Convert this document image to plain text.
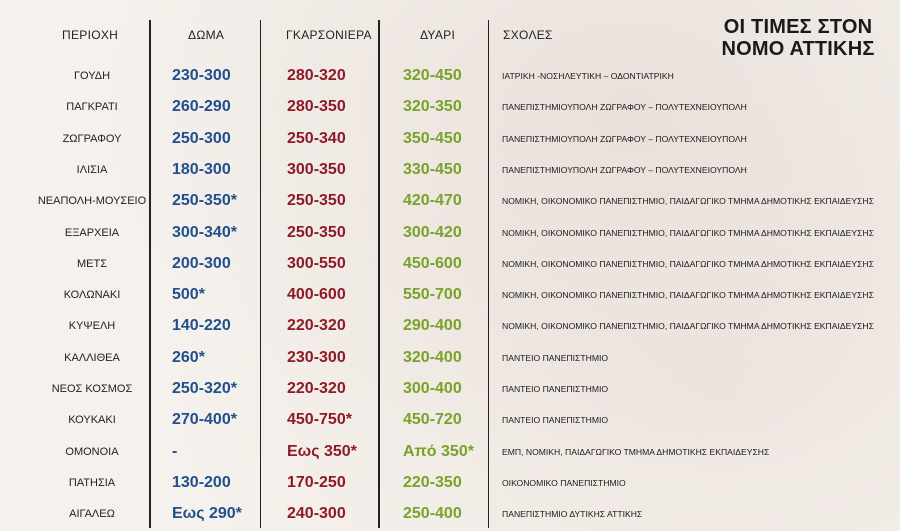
ΟΙ ΤΙΜΕΣ ΣΤΟΝ ΝΟΜΟ ΑΤΤΙΚΗΣ
ΠΕΡΙΟΧΗ	ΔΩΜΑ	ΓΚΑΡΣΟΝΙΕΡΑ	ΔΥΑΡΙ	ΣΧΟΛΕΣ
ΓΟΥΔΗ	230-300	280-320	320-450	ΙΑΤΡΙΚΗ -ΝΟΣΗΛΕΥΤΙΚΗ – ΟΔΟΝΤΙΑΤΡΙΚΗ
ΠΑΓΚΡΑΤΙ	260-290	280-350	320-350	ΠΑΝΕΠΙΣΤΗΜΙΟΥΠΟΛΗ ΖΩΓΡΑΦΟΥ – ΠΟΛΥΤΕΧΝΕΙΟΥΠΟΛΗ
ΖΩΓΡΑΦΟΥ	250-300	250-340	350-450	ΠΑΝΕΠΙΣΤΗΜΙΟΥΠΟΛΗ ΖΩΓΡΑΦΟΥ – ΠΟΛΥΤΕΧΝΕΙΟΥΠΟΛΗ
ΙΛΙΣΙΑ	180-300	300-350	330-450	ΠΑΝΕΠΙΣΤΗΜΙΟΥΠΟΛΗ ΖΩΓΡΑΦΟΥ – ΠΟΛΥΤΕΧΝΕΙΟΥΠΟΛΗ
ΝΕΑΠΟΛΗ-ΜΟΥΣΕΙΟ	250-350*	250-350	420-470	ΝΟΜΙΚΗ, ΟΙΚΟΝΟΜΙΚΟ ΠΑΝΕΠΙΣΤΗΜΙΟ, ΠΑΙΔΑΓΩΓΙΚΟ ΤΜΗΜΑ ΔΗΜΟΤΙΚΗΣ ΕΚΠΑΙΔΕΥΣΗΣ
ΕΞΑΡΧΕΙΑ	300-340*	250-350	300-420	ΝΟΜΙΚΗ, ΟΙΚΟΝΟΜΙΚΟ ΠΑΝΕΠΙΣΤΗΜΙΟ, ΠΑΙΔΑΓΩΓΙΚΟ ΤΜΗΜΑ ΔΗΜΟΤΙΚΗΣ ΕΚΠΑΙΔΕΥΣΗΣ
ΜΕΤΣ	200-300	300-550	450-600	ΝΟΜΙΚΗ, ΟΙΚΟΝΟΜΙΚΟ ΠΑΝΕΠΙΣΤΗΜΙΟ, ΠΑΙΔΑΓΩΓΙΚΟ ΤΜΗΜΑ ΔΗΜΟΤΙΚΗΣ ΕΚΠΑΙΔΕΥΣΗΣ
ΚΟΛΩΝΑΚΙ	500*	400-600	550-700	ΝΟΜΙΚΗ, ΟΙΚΟΝΟΜΙΚΟ ΠΑΝΕΠΙΣΤΗΜΙΟ, ΠΑΙΔΑΓΩΓΙΚΟ ΤΜΗΜΑ ΔΗΜΟΤΙΚΗΣ ΕΚΠΑΙΔΕΥΣΗΣ
ΚΥΨΕΛΗ	140-220	220-320	290-400	ΝΟΜΙΚΗ, ΟΙΚΟΝΟΜΙΚΟ ΠΑΝΕΠΙΣΤΗΜΙΟ, ΠΑΙΔΑΓΩΓΙΚΟ ΤΜΗΜΑ ΔΗΜΟΤΙΚΗΣ ΕΚΠΑΙΔΕΥΣΗΣ
ΚΑΛΛΙΘΕΑ	260*	230-300	320-400	ΠΑΝΤΕΙΟ ΠΑΝΕΠΙΣΤΗΜΙΟ
ΝΕΟΣ ΚΟΣΜΟΣ	250-320*	220-320	300-400	ΠΑΝΤΕΙΟ ΠΑΝΕΠΙΣΤΗΜΙΟ
ΚΟΥΚΑΚΙ	270-400*	450-750*	450-720	ΠΑΝΤΕΙΟ ΠΑΝΕΠΙΣΤΗΜΙΟ
ΟΜΟΝΟΙΑ	-	Εως 350*	Από 350*	ΕΜΠ, ΝΟΜΙΚΗ, ΠΑΙΔΑΓΩΓΙΚΟ ΤΜΗΜΑ ΔΗΜΟΤΙΚΗΣ ΕΚΠΑΙΔΕΥΣΗΣ
ΠΑΤΗΣΙΑ	130-200	170-250	220-350	ΟΙΚΟΝΟΜΙΚΟ ΠΑΝΕΠΙΣΤΗΜΙΟ
ΑΙΓΑΛΕΩ	Εως 290*	240-300	250-400	ΠΑΝΕΠΙΣΤΗΜΙΟ ΔΥΤΙΚΗΣ ΑΤΤΙΚΗΣ
